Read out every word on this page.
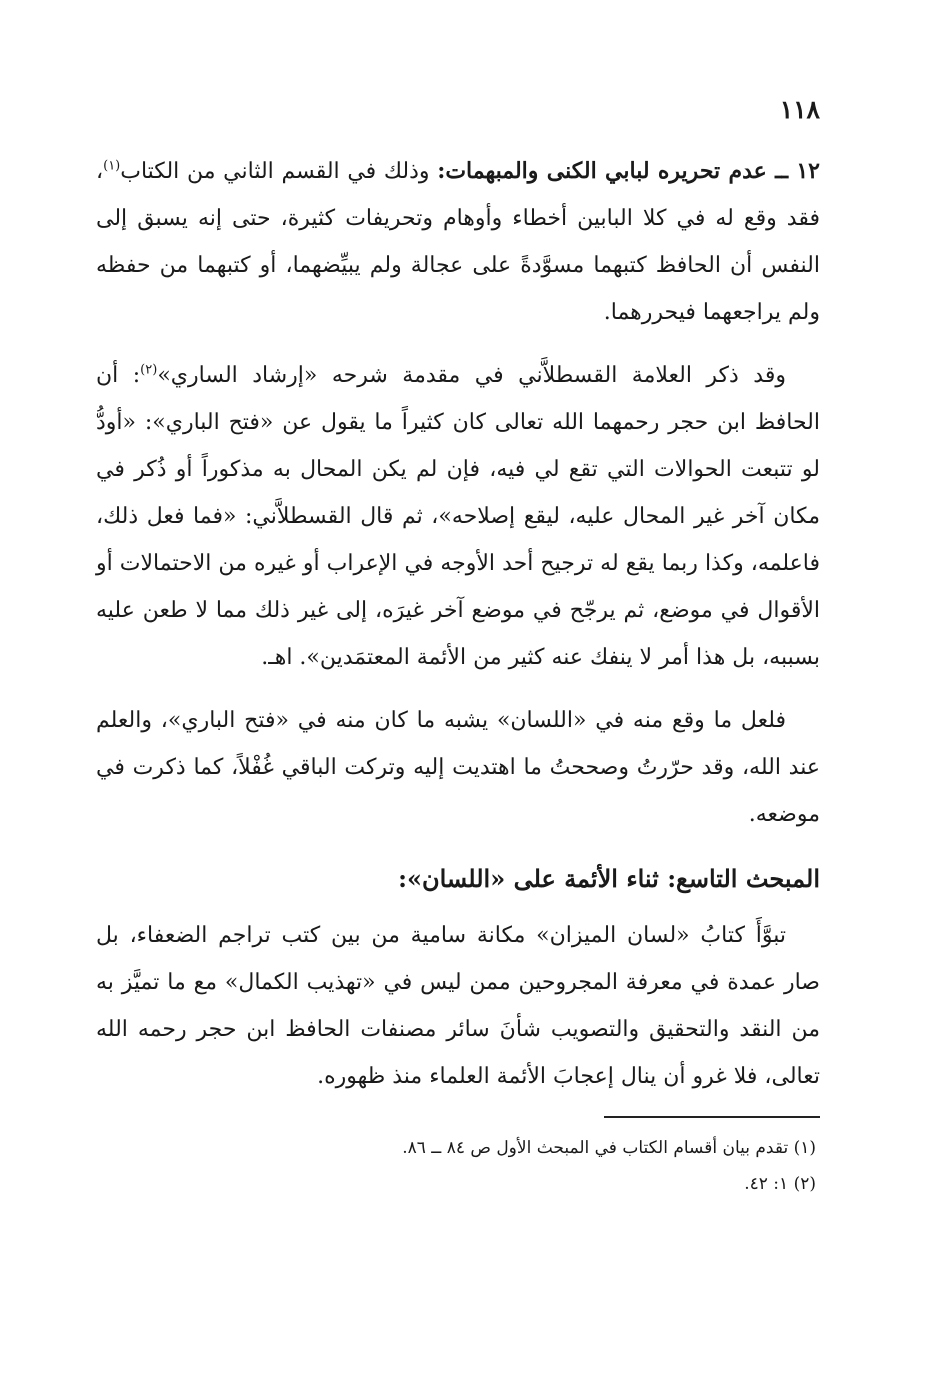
١١٨

١٢ ــ عدم تحريره لبابي الكنى والمبهمات: وذلك في القسم الثاني من الكتاب$^{(١)}$، فقد وقع له في كلا البابين أخطاء وأوهام وتحريفات كثيرة، حتى إنه يسبق إلى النفس أن الحافظ كتبهما مسوَّدةً على عجالة ولم يبيِّضهما، أو كتبهما من حفظه ولم يراجعهما فيحررهما.

وقد ذكر العلامة القسطلاَّني في مقدمة شرحه «إرشاد الساري»$^{(٢)}$: أن الحافظ ابن حجر رحمهما الله تعالى كان كثيراً ما يقول عن «فتح الباري»: «أودُّ لو تتبعت الحوالات التي تقع لي فيه، فإن لم يكن المحال به مذكوراً أو ذُكر في مكان آخر غير المحال عليه، ليقع إصلاحه»، ثم قال القسطلاَّني: «فما فعل ذلك، فاعلمه، وكذا ربما يقع له ترجيح أحد الأوجه في الإعراب أو غيره من الاحتمالات أو الأقوال في موضع، ثم يرجّح في موضع آخر غيرَه، إلى غير ذلك مما لا طعن عليه بسببه، بل هذا أمر لا ينفك عنه كثير من الأئمة المعتمَدين». اهـ.

فلعل ما وقع منه في «اللسان» يشبه ما كان منه في «فتح الباري»، والعلم عند الله، وقد حرّرتُ وصححتُ ما اهتديت إليه وتركت الباقي غُفْلاً، كما ذكرت في موضعه.

المبحث التاسع: ثناء الأئمة على «اللسان»:

تبوَّأَ كتابُ «لسان الميزان» مكانة سامية من بين كتب تراجم الضعفاء، بل صار عمدة في معرفة المجروحين ممن ليس في «تهذيب الكمال» مع ما تميَّز به من النقد والتحقيق والتصويب شأنَ سائر مصنفات الحافظ ابن حجر رحمه الله تعالى، فلا غرو أن ينال إعجابَ الأئمة العلماء منذ ظهوره.

(١) تقدم بيان أقسام الكتاب في المبحث الأول ص ٨٤ ــ ٨٦.
(٢) ١: ٤٢.
